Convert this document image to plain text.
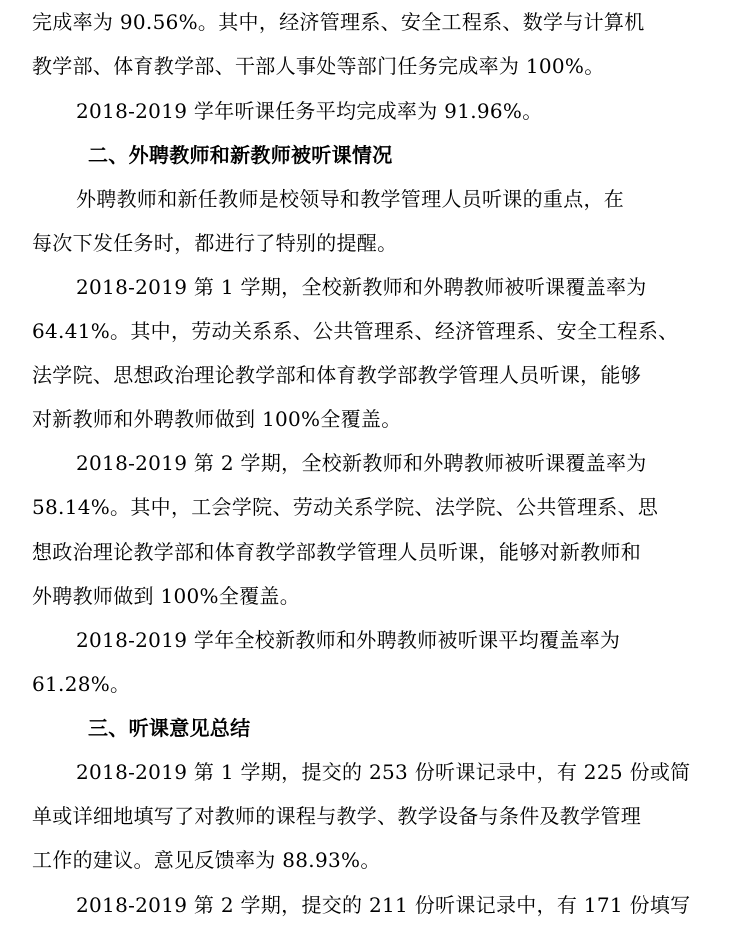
完成率为 90.56%。其中，经济管理系、安全工程系、数学与计算机
教学部、体育教学部、干部人事处等部门任务完成率为 100%。
2018-2019 学年听课任务平均完成率为 91.96%。
二、外聘教师和新教师被听课情况
外聘教师和新任教师是校领导和教学管理人员听课的重点，在
每次下发任务时，都进行了特别的提醒。
2018-2019 第 1 学期，全校新教师和外聘教师被听课覆盖率为
64.41%。其中，劳动关系系、公共管理系、经济管理系、安全工程系、
法学院、思想政治理论教学部和体育教学部教学管理人员听课，能够
对新教师和外聘教师做到 100%全覆盖。
2018-2019 第 2 学期，全校新教师和外聘教师被听课覆盖率为
58.14%。其中，工会学院、劳动关系学院、法学院、公共管理系、思
想政治理论教学部和体育教学部教学管理人员听课，能够对新教师和
外聘教师做到 100%全覆盖。
2018-2019 学年全校新教师和外聘教师被听课平均覆盖率为
61.28%。
三、听课意见总结
2018-2019 第 1 学期，提交的 253 份听课记录中，有 225 份或简
单或详细地填写了对教师的课程与教学、教学设备与条件及教学管理
工作的建议。意见反馈率为 88.93%。
2018-2019 第 2 学期，提交的 211 份听课记录中，有 171 份填写
